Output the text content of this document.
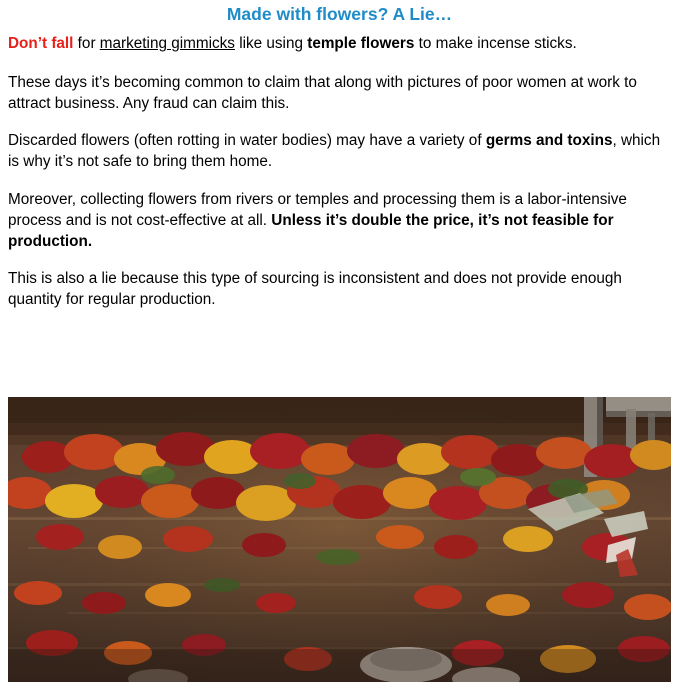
Made with flowers? A Lie…

Don’t fall for marketing gimmicks like using temple flowers to make incense sticks.

These days it’s becoming common to claim that along with pictures of poor women at work to attract business. Any fraud can claim this.

Discarded flowers (often rotting in water bodies) may have a variety of germs and toxins, which is why it’s not safe to bring them home.

Moreover, collecting flowers from rivers or temples and processing them is a labor-intensive process and is not cost-effective at all. Unless it’s double the price, it’s not feasible for production.

This is also a lie because this type of sourcing is inconsistent and does not provide enough quantity for regular production.
